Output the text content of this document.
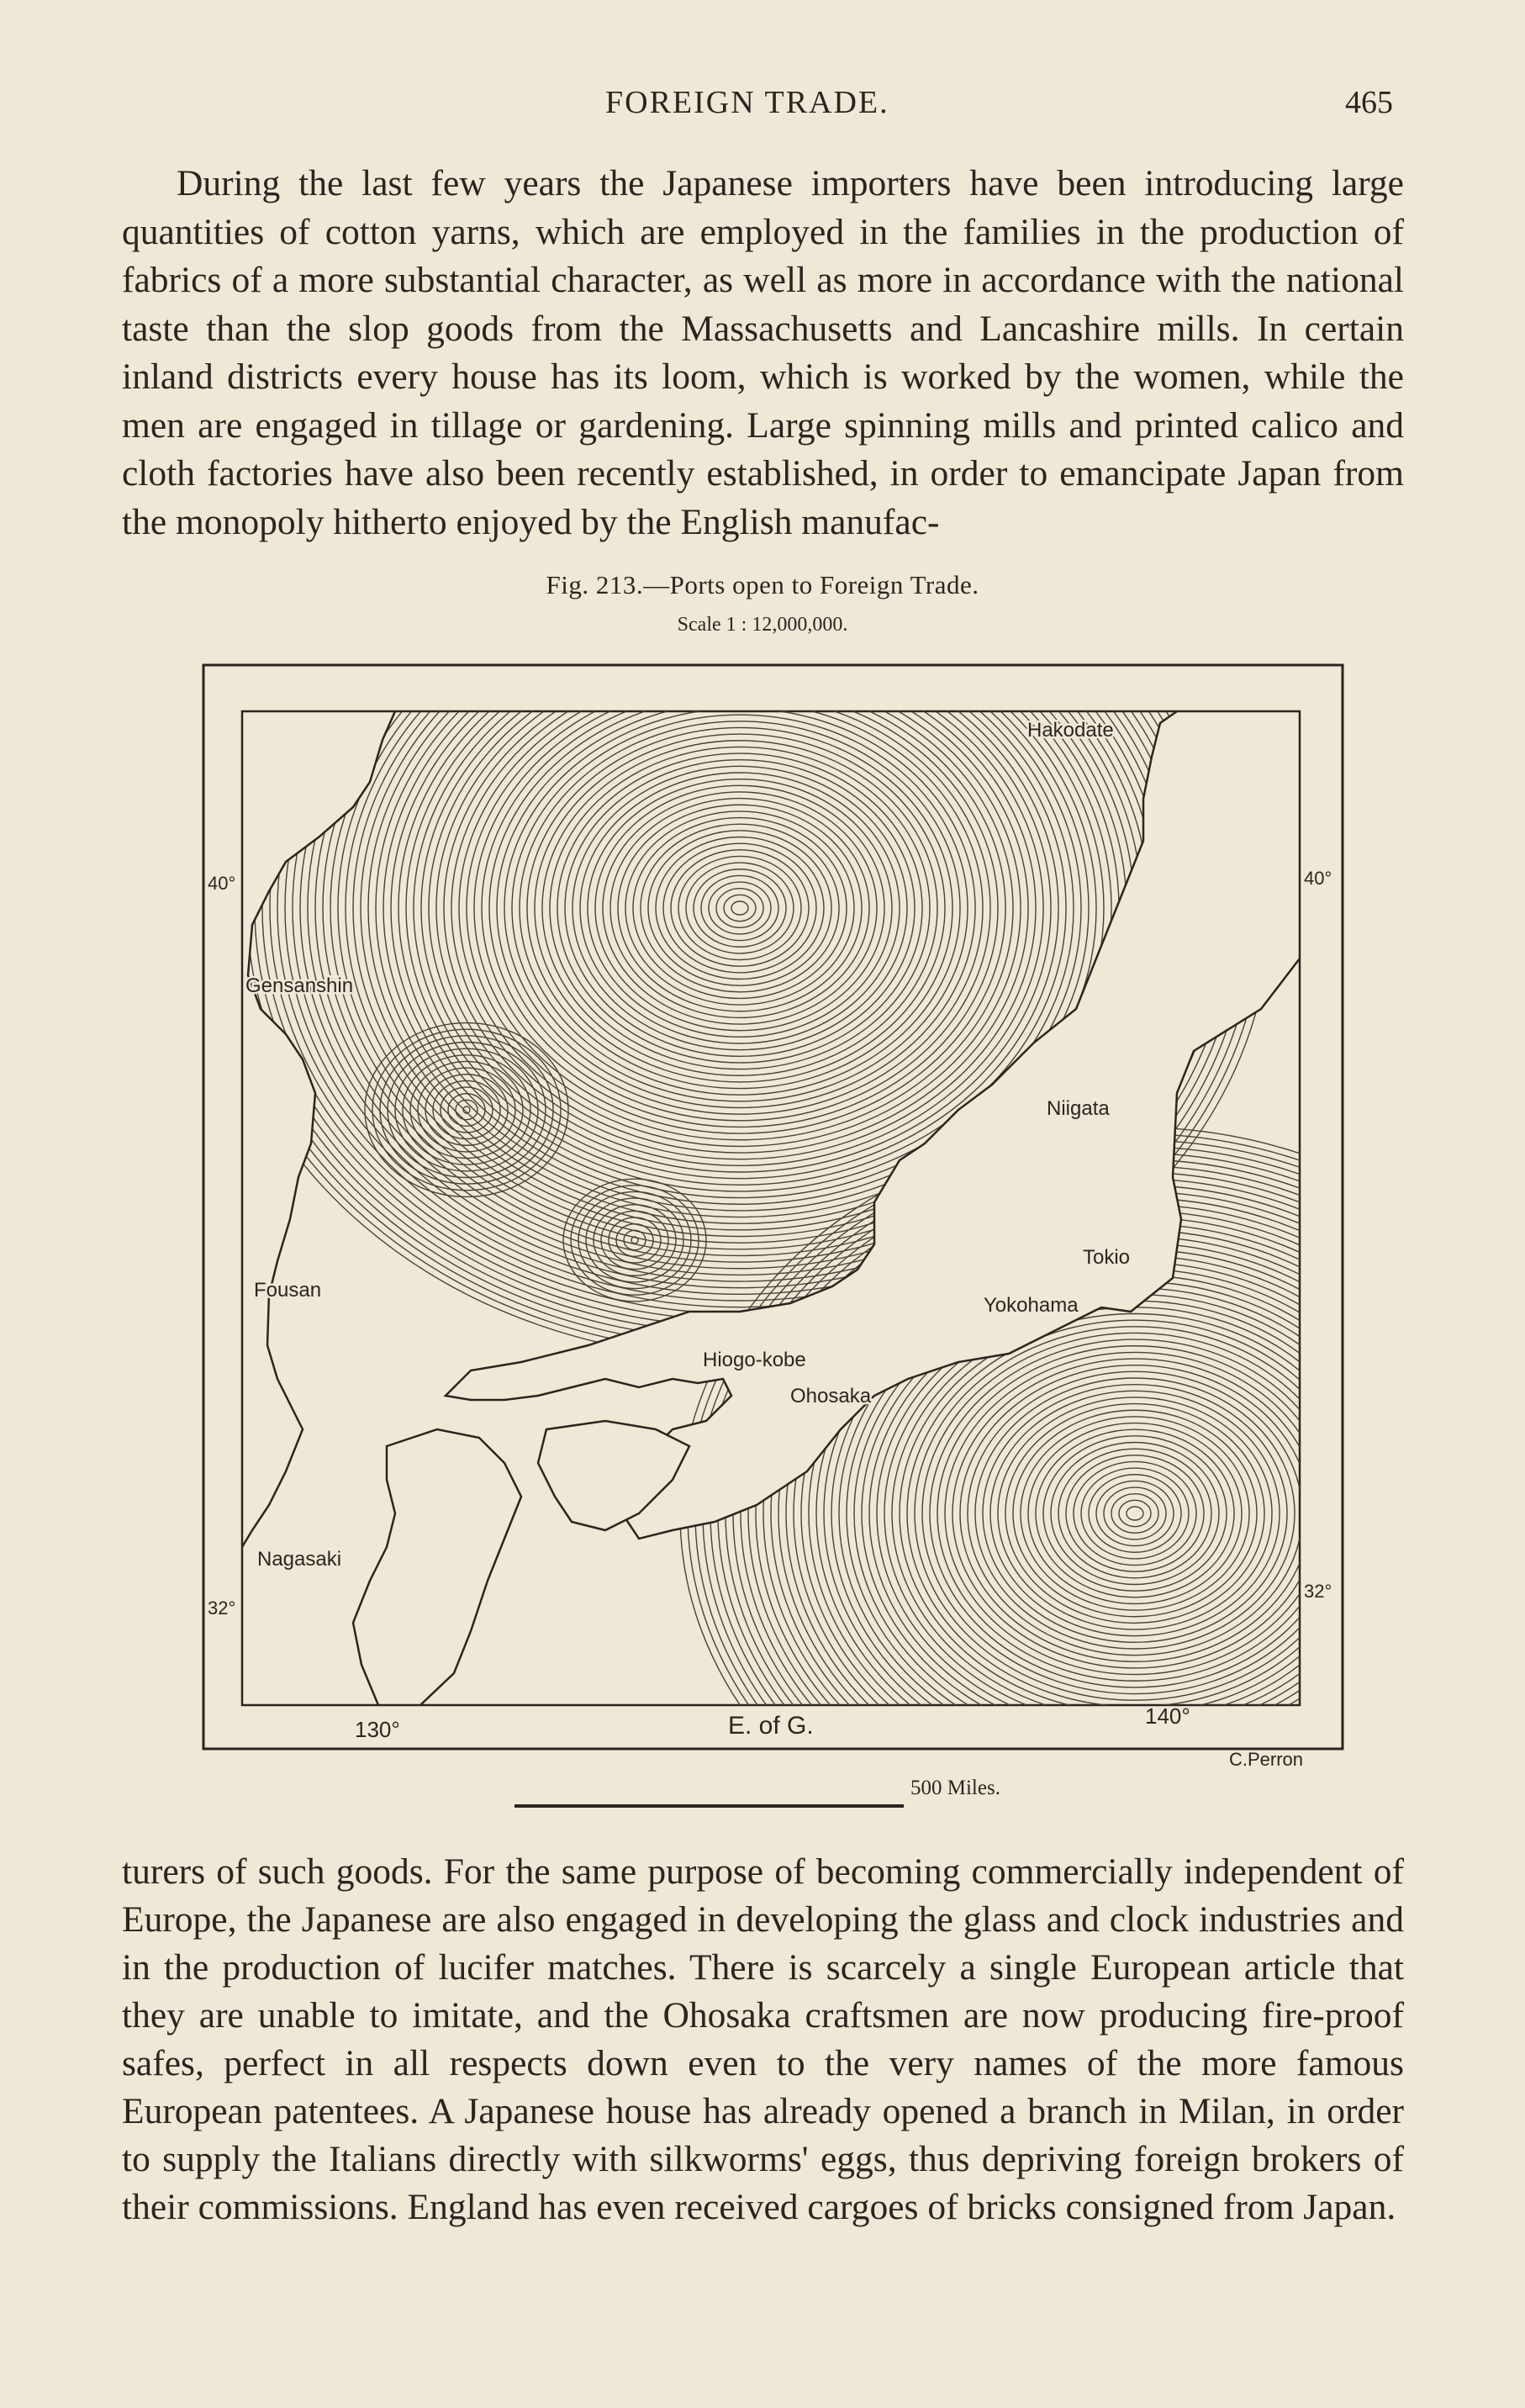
FOREIGN TRADE.	465

During the last few years the Japanese importers have been introducing large quantities of cotton yarns, which are employed in the families in the production of fabrics of a more substantial character, as well as more in accordance with the national taste than the slop goods from the Massachusetts and Lancashire mills. In certain inland districts every house has its loom, which is worked by the women, while the men are engaged in tillage or gardening. Large spinning mills and printed calico and cloth factories have also been recently established, in order to emancipate Japan from the monopoly hitherto enjoyed by the English manufac-

Fig. 213.—Ports open to Foreign Trade.
Scale 1 : 12,000,000.
40°	40°
32°
32°
130°
140°
E. of G.
C.Perron
Hakodate
Niigata
Gensanshin
Fousan
Tokio
Yokohama
Hiogo-kobe
Ohosaka
Nagasaki
500 Miles.

turers of such goods. For the same purpose of becoming commercially independent of Europe, the Japanese are also engaged in developing the glass and clock industries and in the production of lucifer matches. There is scarcely a single European article that they are unable to imitate, and the Ohosaka craftsmen are now producing fire-proof safes, perfect in all respects down even to the very names of the more famous European patentees. A Japanese house has already opened a branch in Milan, in order to supply the Italians directly with silkworms' eggs, thus depriving foreign brokers of their commissions. England has even received cargoes of bricks consigned from Japan.
